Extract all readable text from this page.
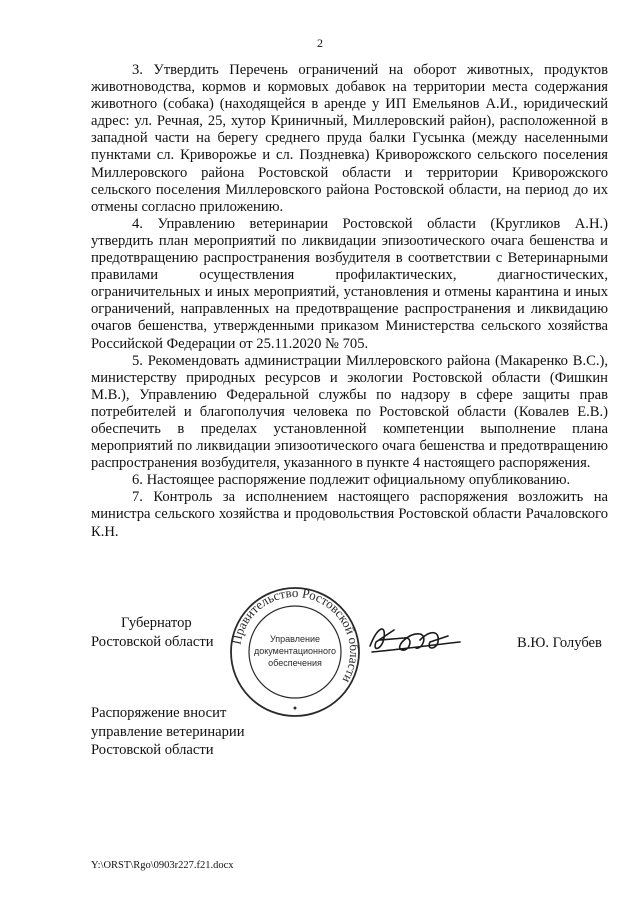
2

3. Утвердить Перечень ограничений на оборот животных, продуктов животноводства, кормов и кормовых добавок на территории места содержания животного (собака) (находящейся в аренде у ИП Емельянов А.И., юридический адрес: ул. Речная, 25, хутор Криничный, Миллеровский район), расположенной в западной части на берегу среднего пруда балки Гусынка (между населенными пунктами сл. Криворожье и сл. Поздневка) Криворожского сельского поселения Миллеровского района Ростовской области и территории Криворожского сельского поселения Миллеровского района Ростовской области, на период до их отмены согласно приложению.

4. Управлению ветеринарии Ростовской области (Кругликов А.Н.) утвердить план мероприятий по ликвидации эпизоотического очага бешенства и предотвращению распространения возбудителя в соответствии с Ветеринарными правилами осуществления профилактических, диагностических, ограничительных и иных мероприятий, установления и отмены карантина и иных ограничений, направленных на предотвращение распространения и ликвидацию очагов бешенства, утвержденными приказом Министерства сельского хозяйства Российской Федерации от 25.11.2020 № 705.

5. Рекомендовать администрации Миллеровского района (Макаренко В.С.), министерству природных ресурсов и экологии Ростовской области (Фишкин М.В.), Управлению Федеральной службы по надзору в сфере защиты прав потребителей и благополучия человека по Ростовской области (Ковалев Е.В.) обеспечить в пределах установленной компетенции выполнение плана мероприятий по ликвидации эпизоотического очага бешенства и предотвращению распространения возбудителя, указанного в пункте 4 настоящего распоряжения.

6. Настоящее распоряжение подлежит официальному опубликованию.

7. Контроль за исполнением настоящего распоряжения возложить на министра сельского хозяйства и продовольствия Ростовской области Рачаловского К.Н.

Губернатор
Ростовской области Правительство Ростовской области
Управление
документационного
обеспечения
●
В.Ю. Голубев
Распоряжение вносит
управление ветеринарии
Ростовской области
Y:\ORST\Rgo\0903r227.f21.docx
